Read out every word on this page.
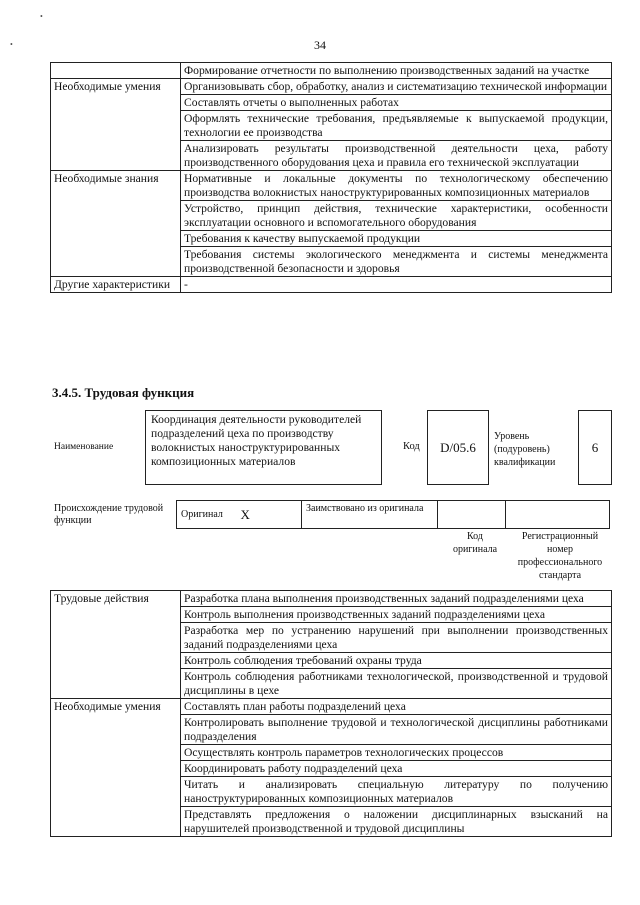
•
•	34
	Формирование отчетности по выполнению производственных заданий на участке
Необходимые умения	Организовывать сбор, обработку, анализ и систематизацию технической информации
	Составлять отчеты о выполненных работах
	Оформлять технические требования, предъявляемые к выпускаемой продукции, технологии ее производства
	Анализировать результаты производственной деятельности цеха, работу производственного оборудования цеха и правила его технической эксплуатации
Необходимые знания	Нормативные и локальные документы по технологическому обеспечению производства волокнистых наноструктурированных композиционных материалов
	Устройство, принцип действия, технические характеристики, особенности эксплуатации основного и вспомогательного оборудования
	Требования к качеству выпускаемой продукции
	Требования системы экологического менеджмента и системы менеджмента производственной безопасности и здоровья
Другие характеристики	-
3.4.5. Трудовая функция
Наименование
Координация деятельности руководителей подразделений цеха по производству волокнистых наноструктурированных композиционных материалов
Код	D/05.6
Уровень (подуровень) квалификации
6
Происхождение трудовой функции
Оригинал	X	Заимствовано из оригинала		
Код оригинала
Регистрационный номер профессионального стандарта
Трудовые действия	Разработка плана выполнения производственных заданий подразделениями цеха
	Контроль выполнения производственных заданий подразделениями цеха
	Разработка мер по устранению нарушений при выполнении производственных заданий подразделениями цеха
	Контроль соблюдения требований охраны труда
	Контроль соблюдения работниками технологической, производственной и трудовой дисциплины в цехе
Необходимые умения	Составлять план работы подразделений цеха
	Контролировать выполнение трудовой и технологической дисциплины работниками подразделения
	Осуществлять контроль параметров технологических процессов
	Координировать работу подразделений цеха
	Читать и анализировать специальную литературу по получению наноструктурированных композиционных материалов
	Представлять предложения о наложении дисциплинарных взысканий на нарушителей производственной и трудовой дисциплины
